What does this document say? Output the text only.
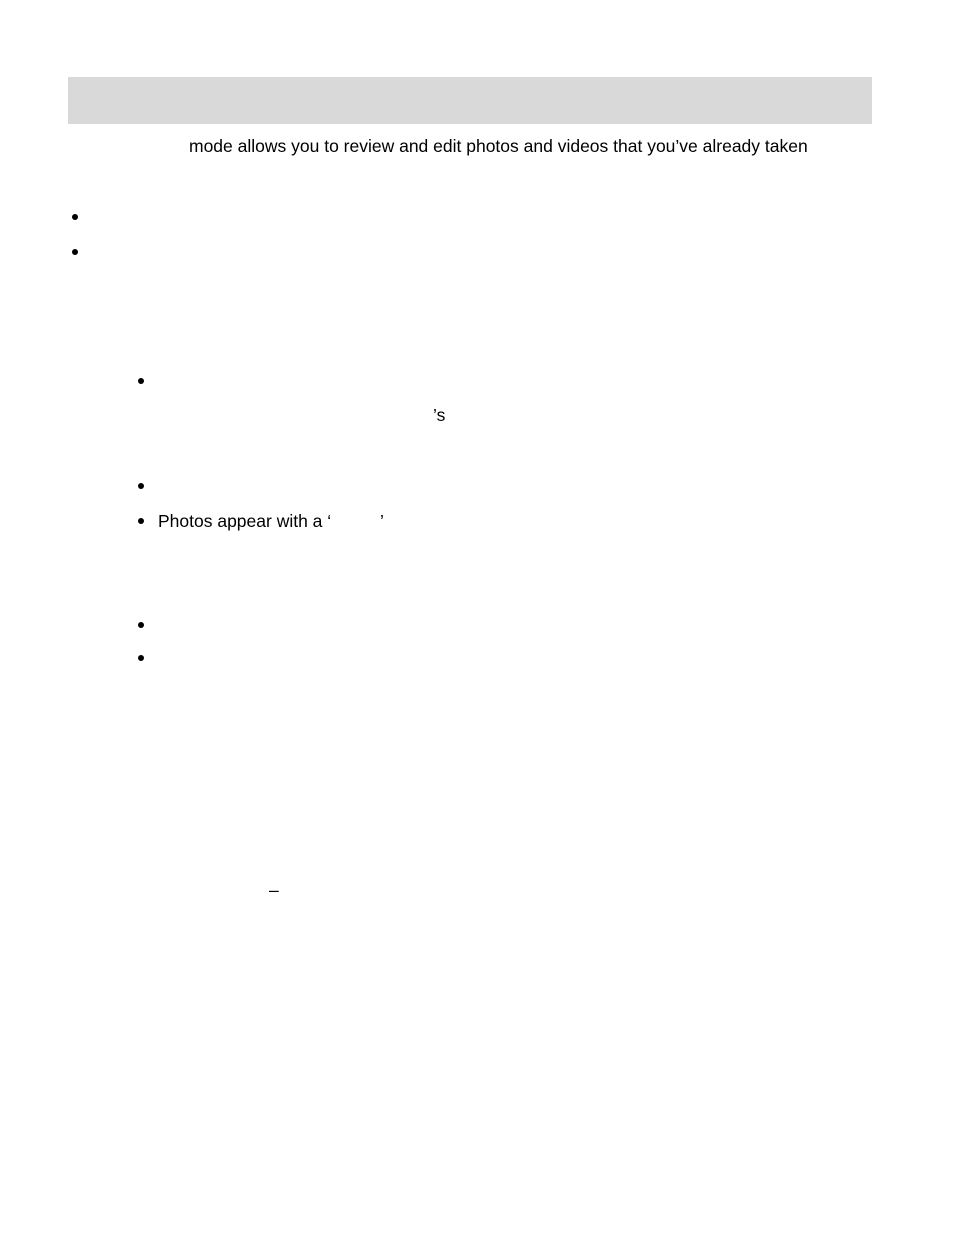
mode allows you to review and edit photos and videos that you’ve already taken
’s
Photos appear with a ‘	’
–
